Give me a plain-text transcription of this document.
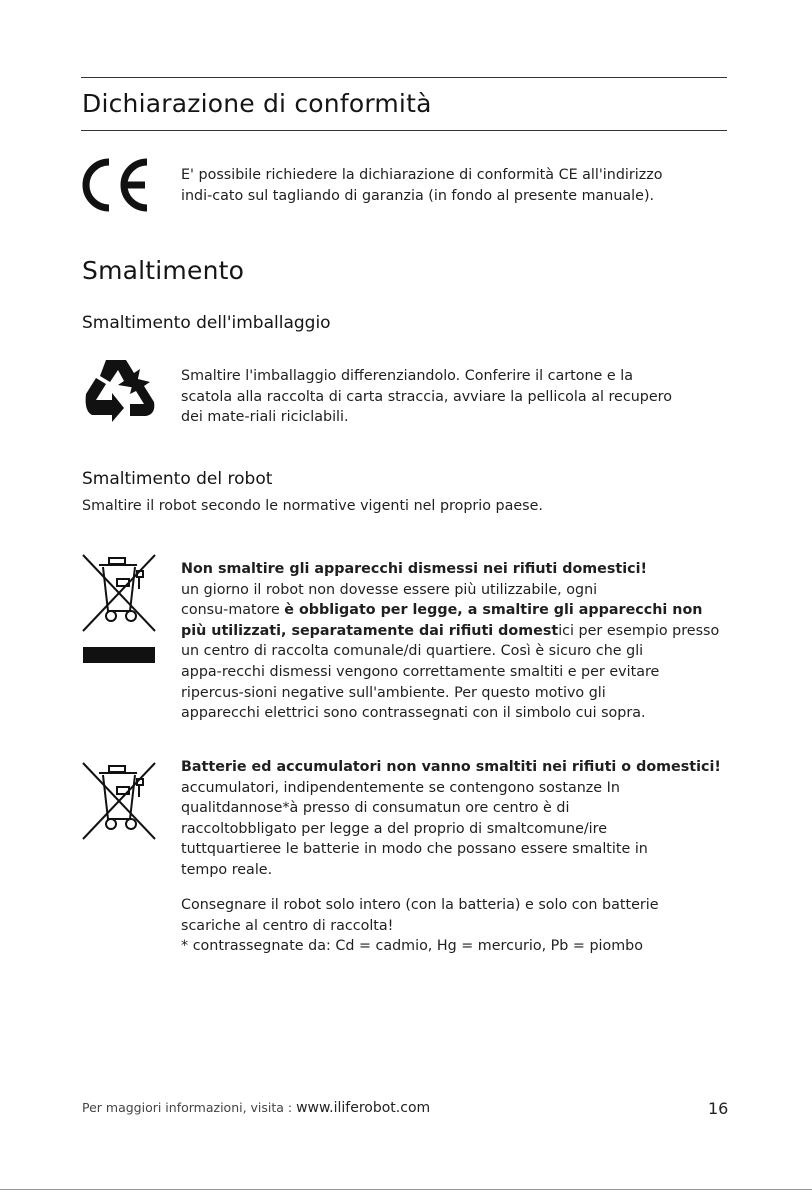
Dichiarazione di conformità
E' possibile richiedere la dichiarazione di conformità CE all'indirizzo
indi-cato sul tagliando di garanzia (in fondo al presente manuale).
Smaltimento
Smaltimento dell'imballaggio
Smaltire l'imballaggio differenziandolo. Conferire il cartone e la
scatola alla raccolta di carta straccia, avviare la pellicola al recupero
dei mate-riali riciclabili.
Smaltimento del robot
Smaltire il robot secondo le normative vigenti nel proprio paese.
Non smaltire gli apparecchi dismessi nei rifiuti domestici!
un giorno il robot non dovesse essere più utilizzabile, ogni
consu-matore è obbligato per legge, a smaltire gli apparecchi non
più utilizzati, separatamente dai rifiuti domestici per esempio presso
un centro di raccolta comunale/di quartiere. Così è sicuro che gli
appa-recchi dismessi vengono correttamente smaltiti e per evitare
ripercus-sioni negative sull'ambiente. Per questo motivo gli
apparecchi elettrici sono contrassegnati con il simbolo cui sopra.
Batterie ed accumulatori non vanno smaltiti nei rifiuti o domestici!
accumulatori, indipendentemente se contengono sostanze In
qualitdannose*à presso di consumatun ore centro è di
raccoltobbligato per legge a del proprio di smaltcomune/ire
tuttquartieree le batterie in modo che possano essere smaltite in
tempo reale.
Consegnare il robot solo intero (con la batteria) e solo con batterie
scariche al centro di raccolta!
* contrassegnate da: Cd = cadmio, Hg = mercurio, Pb = piombo
Per maggiori informazioni, visita : www.iliferobot.com	16
